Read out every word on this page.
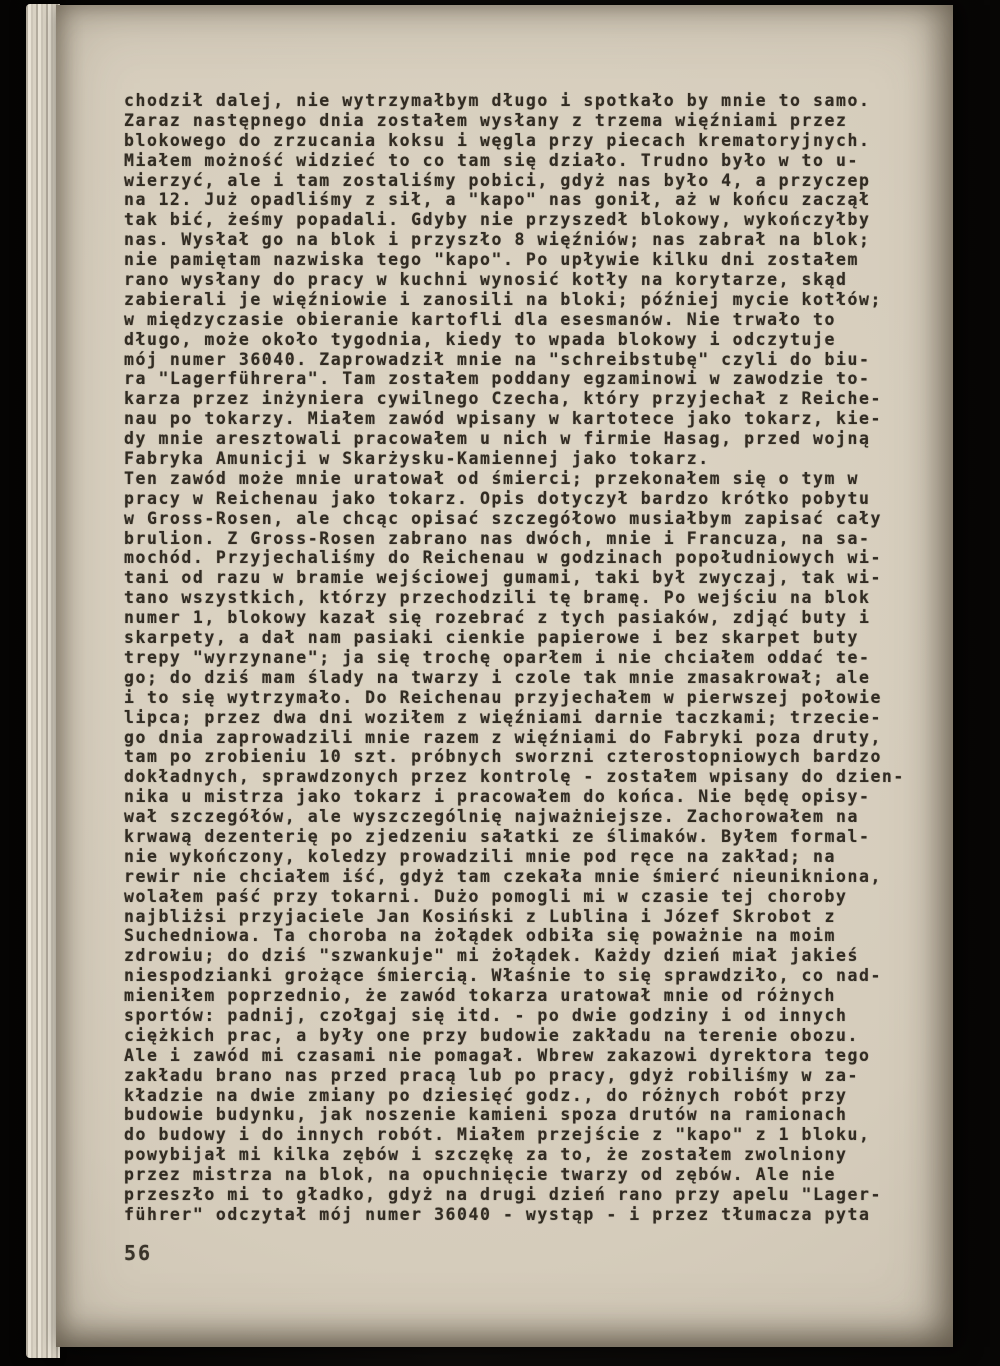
chodził dalej, nie wytrzymałbym długo i spotkało by mnie to samo.
Zaraz następnego dnia zostałem wysłany z trzema więźniami przez
blokowego do zrzucania koksu i węgla przy piecach krematoryjnych.
Miałem możność widzieć to co tam się działo. Trudno było w to u-
wierzyć, ale i tam zostaliśmy pobici, gdyż nas było 4, a przyczep
na 12. Już opadliśmy z sił, a "kapo" nas gonił, aż w końcu zaczął
tak bić, żeśmy popadali. Gdyby nie przyszedł blokowy, wykończyłby
nas. Wysłał go na blok i przyszło 8 więźniów; nas zabrał na blok;
nie pamiętam nazwiska tego "kapo". Po upływie kilku dni zostałem
rano wysłany do pracy w kuchni wynosić kotły na korytarze, skąd
zabierali je więźniowie i zanosili na bloki; później mycie kotłów;
w międzyczasie obieranie kartofli dla esesmanów. Nie trwało to
długo, może około tygodnia, kiedy to wpada blokowy i odczytuje
mój numer 36040. Zaprowadził mnie na "schreibstubę" czyli do biu-
ra "Lagerführera". Tam zostałem poddany egzaminowi w zawodzie to-
karza przez inżyniera cywilnego Czecha, który przyjechał z Reiche-
nau po tokarzy. Miałem zawód wpisany w kartotece jako tokarz, kie-
dy mnie aresztowali pracowałem u nich w firmie Hasag, przed wojną
Fabryka Amunicji w Skarżysku-Kamiennej jako tokarz.
Ten zawód może mnie uratował od śmierci; przekonałem się o tym w
pracy w Reichenau jako tokarz. Opis dotyczył bardzo krótko pobytu
w Gross-Rosen, ale chcąc opisać szczegółowo musiałbym zapisać cały
brulion. Z Gross-Rosen zabrano nas dwóch, mnie i Francuza, na sa-
mochód. Przyjechaliśmy do Reichenau w godzinach popołudniowych wi-
tani od razu w bramie wejściowej gumami, taki był zwyczaj, tak wi-
tano wszystkich, którzy przechodzili tę bramę. Po wejściu na blok
numer 1, blokowy kazał się rozebrać z tych pasiaków, zdjąć buty i
skarpety, a dał nam pasiaki cienkie papierowe i bez skarpet buty
trepy "wyrzynane"; ja się trochę oparłem i nie chciałem oddać te-
go; do dziś mam ślady na twarzy i czole tak mnie zmasakrował; ale
i to się wytrzymało. Do Reichenau przyjechałem w pierwszej połowie
lipca; przez dwa dni woziłem z więźniami darnie taczkami; trzecie-
go dnia zaprowadzili mnie razem z więźniami do Fabryki poza druty,
tam po zrobieniu 10 szt. próbnych sworzni czterostopniowych bardzo
dokładnych, sprawdzonych przez kontrolę - zostałem wpisany do dzien-
nika u mistrza jako tokarz i pracowałem do końca. Nie będę opisy-
wał szczegółów, ale wyszczególnię najważniejsze. Zachorowałem na
krwawą dezenterię po zjedzeniu sałatki ze ślimaków. Byłem formal-
nie wykończony, koledzy prowadzili mnie pod ręce na zakład; na
rewir nie chciałem iść, gdyż tam czekała mnie śmierć nieunikniona,
wolałem paść przy tokarni. Dużo pomogli mi w czasie tej choroby
najbliżsi przyjaciele Jan Kosiński z Lublina i Józef Skrobot z
Suchedniowa. Ta choroba na żołądek odbiła się poważnie na moim
zdrowiu; do dziś "szwankuje" mi żołądek. Każdy dzień miał jakieś
niespodzianki grożące śmiercią. Właśnie to się sprawdziło, co nad-
mieniłem poprzednio, że zawód tokarza uratował mnie od różnych
sportów: padnij, czołgaj się itd. - po dwie godziny i od innych
ciężkich prac, a były one przy budowie zakładu na terenie obozu.
Ale i zawód mi czasami nie pomagał. Wbrew zakazowi dyrektora tego
zakładu brano nas przed pracą lub po pracy, gdyż robiliśmy w za-
kładzie na dwie zmiany po dziesięć godz., do różnych robót przy
budowie budynku, jak noszenie kamieni spoza drutów na ramionach
do budowy i do innych robót. Miałem przejście z "kapo" z 1 bloku,
powybijał mi kilka zębów i szczękę za to, że zostałem zwolniony
przez mistrza na blok, na opuchnięcie twarzy od zębów. Ale nie
przeszło mi to gładko, gdyż na drugi dzień rano przy apelu "Lager-
führer" odczytał mój numer 36040 - wystąp - i przez tłumacza pyta
56
